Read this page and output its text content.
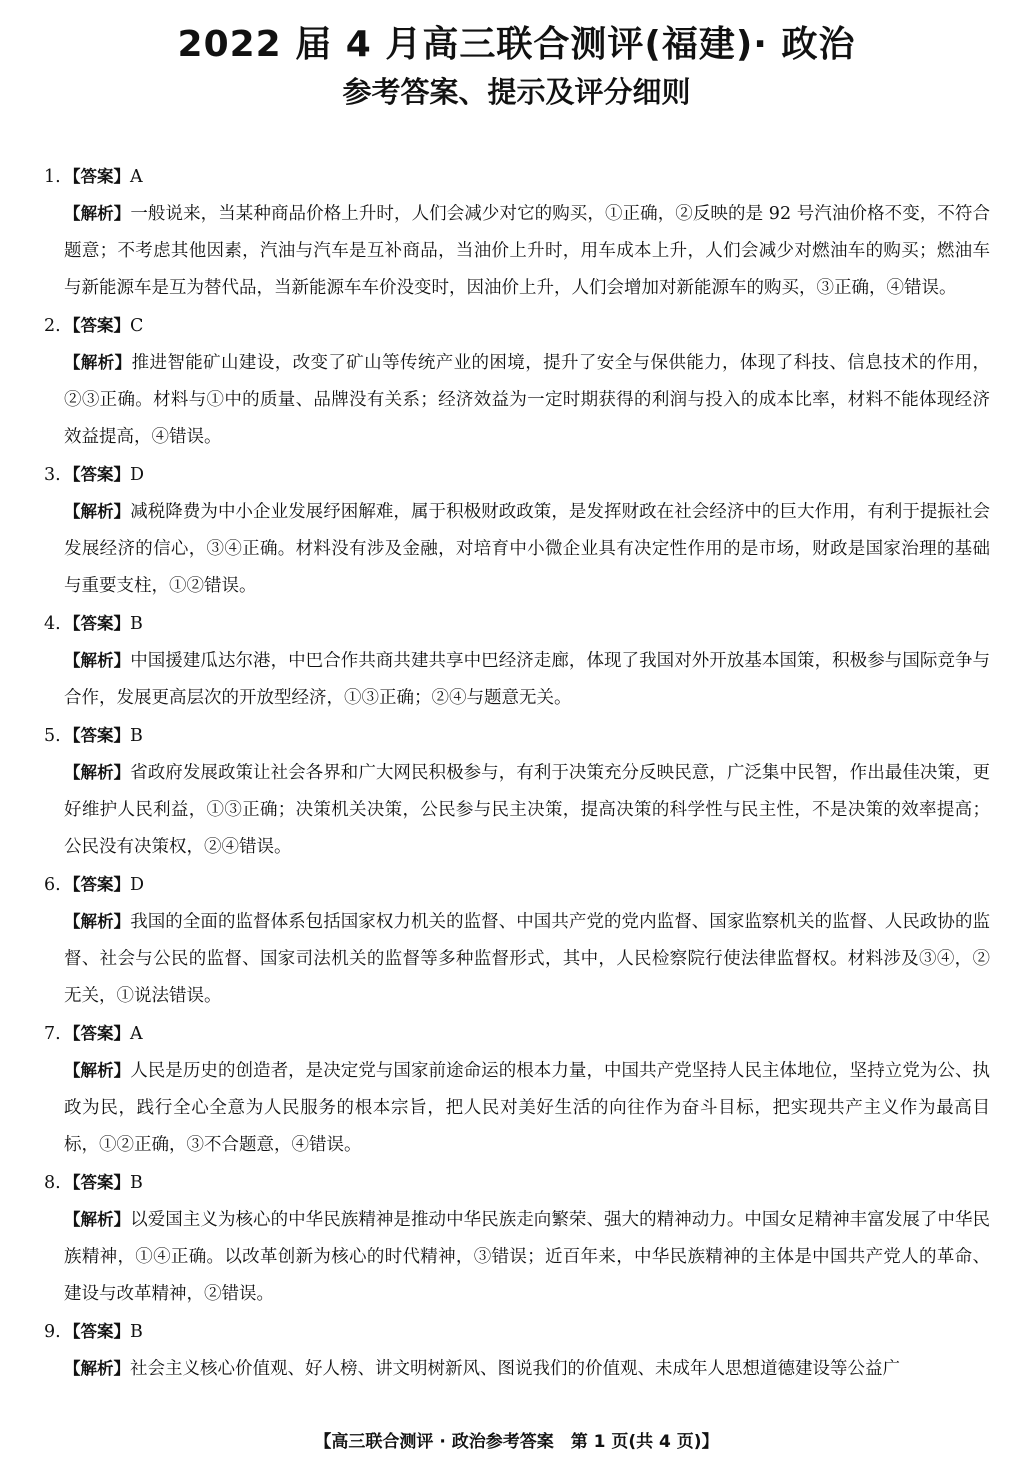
2022 届 4 月高三联合测评(福建)· 政治
参考答案、提示及评分细则
1. 【答案】A
【解析】一般说来，当某种商品价格上升时，人们会减少对它的购买，①正确，②反映的是 92 号汽油价格不变，不符合题意；不考虑其他因素，汽油与汽车是互补商品，当油价上升时，用车成本上升，人们会减少对燃油车的购买；燃油车与新能源车是互为替代品，当新能源车车价没变时，因油价上升，人们会增加对新能源车的购买，③正确，④错误。
2. 【答案】C
【解析】推进智能矿山建设，改变了矿山等传统产业的困境，提升了安全与保供能力，体现了科技、信息技术的作用，②③正确。材料与①中的质量、品牌没有关系；经济效益为一定时期获得的利润与投入的成本比率，材料不能体现经济效益提高，④错误。
3. 【答案】D
【解析】减税降费为中小企业发展纾困解难，属于积极财政政策，是发挥财政在社会经济中的巨大作用，有利于提振社会发展经济的信心，③④正确。材料没有涉及金融，对培育中小微企业具有决定性作用的是市场，财政是国家治理的基础与重要支柱，①②错误。
4. 【答案】B
【解析】中国援建瓜达尔港，中巴合作共商共建共享中巴经济走廊，体现了我国对外开放基本国策，积极参与国际竞争与合作，发展更高层次的开放型经济，①③正确；②④与题意无关。
5. 【答案】B
【解析】省政府发展政策让社会各界和广大网民积极参与，有利于决策充分反映民意，广泛集中民智，作出最佳决策，更好维护人民利益，①③正确；决策机关决策，公民参与民主决策，提高决策的科学性与民主性，不是决策的效率提高；公民没有决策权，②④错误。
6. 【答案】D
【解析】我国的全面的监督体系包括国家权力机关的监督、中国共产党的党内监督、国家监察机关的监督、人民政协的监督、社会与公民的监督、国家司法机关的监督等多种监督形式，其中，人民检察院行使法律监督权。材料涉及③④，②无关，①说法错误。
7. 【答案】A
【解析】人民是历史的创造者，是决定党与国家前途命运的根本力量，中国共产党坚持人民主体地位，坚持立党为公、执政为民，践行全心全意为人民服务的根本宗旨，把人民对美好生活的向往作为奋斗目标，把实现共产主义作为最高目标，①②正确，③不合题意，④错误。
8. 【答案】B
【解析】以爱国主义为核心的中华民族精神是推动中华民族走向繁荣、强大的精神动力。中国女足精神丰富发展了中华民族精神，①④正确。以改革创新为核心的时代精神，③错误；近百年来，中华民族精神的主体是中国共产党人的革命、建设与改革精神，②错误。
9. 【答案】B
【解析】社会主义核心价值观、好人榜、讲文明树新风、图说我们的价值观、未成年人思想道德建设等公益广
【高三联合测评 · 政治参考答案　第 1 页(共 4 页)】
